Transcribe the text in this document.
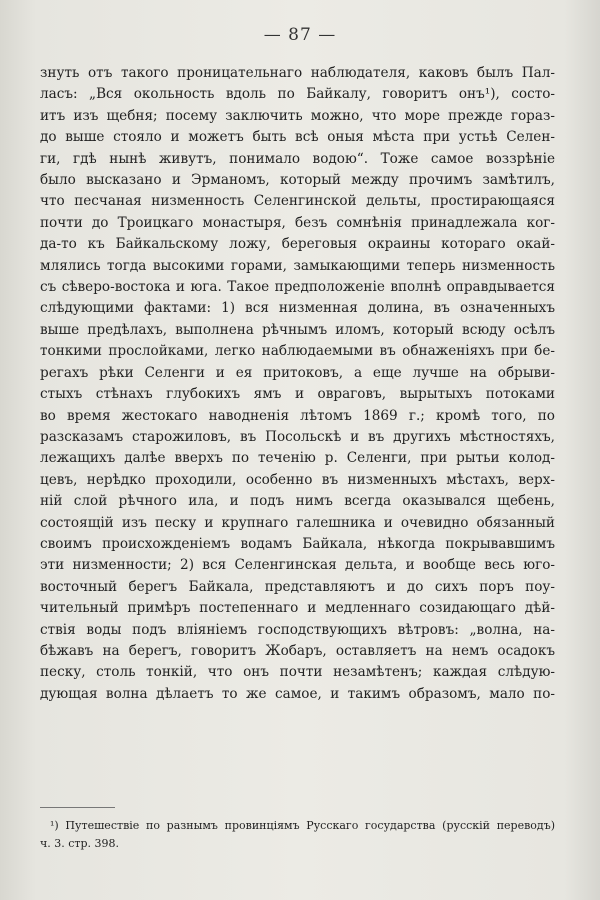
— 87 —
знуть отъ такого проницательнаго наблюдателя, каковъ былъ Пал-
ласъ: „Вся окольность вдоль по Байкалу, говоритъ онъ¹), состо-
итъ изъ щебня; посему заключить можно, что море прежде гораз-
до выше стояло и можетъ быть всѣ оныя мѣста при устьѣ Селен-
ги, гдѣ нынѣ живутъ, понимало водою“. Тоже самое воззрѣніе
было высказано и Эрманомъ, который между прочимъ замѣтилъ,
что песчаная низменность Селенгинской дельты, простирающаяся
почти до Троицкаго монастыря, безъ сомнѣнія принадлежала ког-
да-то къ Байкальскому ложу, береговыя окраины котораго окай-
млялись тогда высокими горами, замыкающими теперь низменность
съ сѣверо-востока и юга. Такое предположеніе вполнѣ оправдывается
слѣдующими фактами: 1) вся низменная долина, въ означенныхъ
выше предѣлахъ, выполнена рѣчнымъ иломъ, который всюду осѣлъ
тонкими прослойками, легко наблюдаемыми въ обнаженіяхъ при бе-
регахъ рѣки Селенги и ея притоковъ, а еще лучше на обрыви-
стыхъ стѣнахъ глубокихъ ямъ и овраговъ, вырытыхъ потоками
во время жестокаго наводненія лѣтомъ 1869 г.; кромѣ того, по
разсказамъ старожиловъ, въ Посольскѣ и въ другихъ мѣстностяхъ,
лежащихъ далѣе вверхъ по теченію р. Селенги, при рытьи колод-
цевъ, нерѣдко проходили, особенно въ низменныхъ мѣстахъ, верх-
ній слой рѣчного ила, и подъ нимъ всегда оказывался щебень,
состоящій изъ песку и крупнаго галешника и очевидно обязанный
своимъ происхожденіемъ водамъ Байкала, нѣкогда покрывавшимъ
эти низменности; 2) вся Селенгинская дельта, и вообще весь юго-
восточный берегъ Байкала, представляютъ и до сихъ поръ поу-
чительный примѣръ постепеннаго и медленнаго созидающаго дѣй-
ствія воды подъ вліяніемъ господствующихъ вѣтровъ: „волна, на-
бѣжавъ на берегъ, говоритъ Жобаръ, оставляетъ на немъ осадокъ
песку, столь тонкій, что онъ почти незамѣтенъ; каждая слѣдую-
дующая волна дѣлаетъ то же самое, и такимъ образомъ, мало по-
¹) Путешествіе по разнымъ провинціямъ Русскаго государства (русскій переводъ)
ч. 3. стр. 398.
